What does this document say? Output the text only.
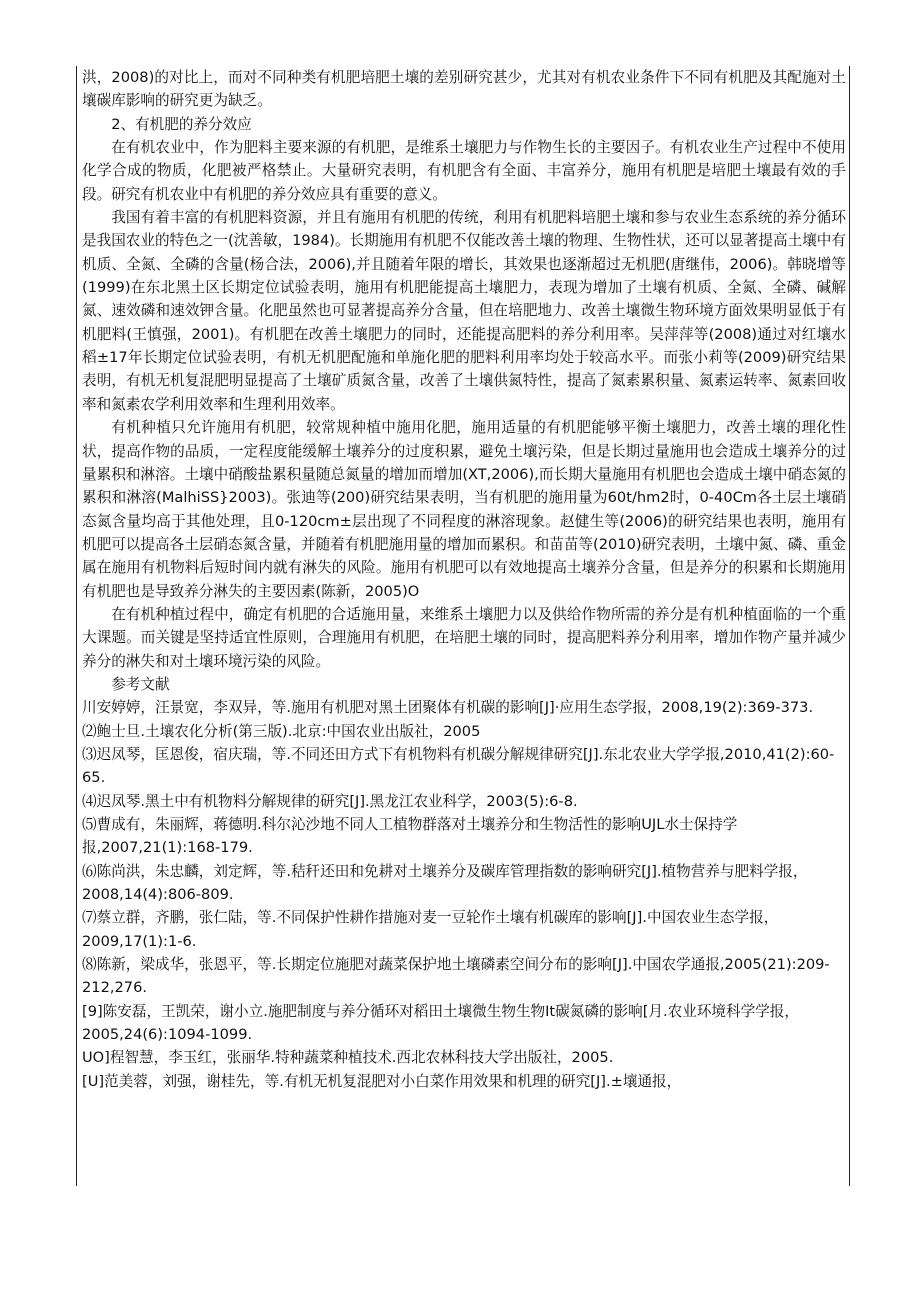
洪，2008)的对比上，而对不同种类有机肥培肥土壤的差别研究甚少，尤其对有机农业条件下不同有机肥及其配施对土壤碳库影响的研究更为缺乏。

2、有机肥的养分效应

在有机农业中，作为肥料主要来源的有机肥，是维系土壤肥力与作物生长的主要因子。有机农业生产过程中不使用化学合成的物质，化肥被严格禁止。大量研究表明，有机肥含有全面、丰富养分，施用有机肥是培肥土壤最有效的手段。研究有机农业中有机肥的养分效应具有重要的意义。

我国有着丰富的有机肥料资源，并且有施用有机肥的传统，利用有机肥料培肥土壤和参与农业生态系统的养分循环是我国农业的特色之一(沈善敏，1984)。长期施用有机肥不仅能改善土壤的物理、生物性状，还可以显著提高土壤中有机质、全氮、全磷的含量(杨合法，2006),并且随着年限的增长，其效果也逐渐超过无机肥(唐继伟，2006)。韩晓增等(1999)在东北黑土区长期定位试验表明，施用有机肥能提高土壤肥力，表现为增加了土壤有机质、全氮、全磷、碱解氮、速效磷和速效钾含量。化肥虽然也可显著提高养分含量，但在培肥地力、改善土壤微生物环境方面效果明显低于有机肥料(王慎强，2001)。有机肥在改善土壤肥力的同时，还能提高肥料的养分利用率。吴萍萍等(2008)通过对红壤水稻±17年长期定位试验表明，有机无机肥配施和单施化肥的肥料利用率均处于较高水平。而张小莉等(2009)研究结果表明，有机无机复混肥明显提高了土壤矿质氮含量，改善了土壤供氮特性，提高了氮素累积量、氮素运转率、氮素回收率和氮素农学利用效率和生理利用效率。

有机种植只允许施用有机肥，较常规种植中施用化肥，施用适量的有机肥能够平衡土壤肥力，改善土壤的理化性状，提高作物的品质，一定程度能缓解土壤养分的过度积累，避免土壤污染，但是长期过量施用也会造成土壤养分的过量累积和淋溶。土壤中硝酸盐累积量随总氮量的增加而增加(XT,2006),而长期大量施用有机肥也会造成土壤中硝态氮的累积和淋溶(MalhiSS}2003)。张迪等(200)研究结果表明，当有机肥的施用量为60t/hm2时，0-40Cm各土层土壤硝态氮含量均高于其他处理，且0-120cm±层出现了不同程度的淋溶现象。赵健生等(2006)的研究结果也表明，施用有机肥可以提高各土层硝态氮含量，并随着有机肥施用量的增加而累积。和苗苗等(2010)研究表明，土壤中氮、磷、重金属在施用有机物料后短时间内就有淋失的风险。施用有机肥可以有效地提高土壤养分含量，但是养分的积累和长期施用有机肥也是导致养分淋失的主要因素(陈新，2005)O

在有机种植过程中，确定有机肥的合适施用量，来维系土壤肥力以及供给作物所需的养分是有机种植面临的一个重大课题。而关键是坚持适宜性原则，合理施用有机肥，在培肥土壤的同时，提高肥料养分利用率，增加作物产量并减少养分的淋失和对土壤环境污染的风险。

参考文献

川安婷婷，汪景宽，李双异，等.施用有机肥对黑土团聚体有机碳的影响[J]·应用生态学报，2008,19(2):369-373.

⑵鲍士旦.土壤农化分析(第三版).北京:中国农业出版社，2005

⑶迟凤琴，匡恩俊，宿庆瑞，等.不同还田方式下有机物料有机碳分解规律研究[J].东北农业大学学报,2010,41(2):60-65.

⑷迟凤琴.黑土中有机物料分解规律的研究[J].黑龙江农业科学，2003(5):6-8.

⑸曹成有，朱丽辉，蒋德明.科尔沁沙地不同人工植物群落对土壤养分和生物活性的影响UJL水士保持学报,2007,21(1):168-179.

⑹陈尚洪，朱忠麟，刘定辉，等.秸秆还田和免耕对土壤养分及碳库管理指数的影响研究[J].植物营养与肥料学报，2008,14(4):806-809.

⑺蔡立群，齐鹏，张仁陆，等.不同保护性耕作措施对麦一豆轮作土壤有机碳库的影响[J].中国农业生态学报，2009,17(1):1-6.

⑻陈新，梁成华，张恩平，等.长期定位施肥对蔬菜保护地土壤磷素空间分布的影响[J].中国农学通报,2005(21):209-212,276.

[9]陈安磊，王凯荣，谢小立.施肥制度与养分循环对稻田土壤微生物生物It碳氮磷的影响[月.农业环境科学学报，2005,24(6):1094-1099.

UO]程智慧，李玉红，张丽华.特种蔬菜种植技术.西北农林科技大学出版社，2005.

[U]范美蓉，刘强，谢桂先，等.有机无机复混肥对小白菜作用效果和机理的研究[J].±壤通报，
